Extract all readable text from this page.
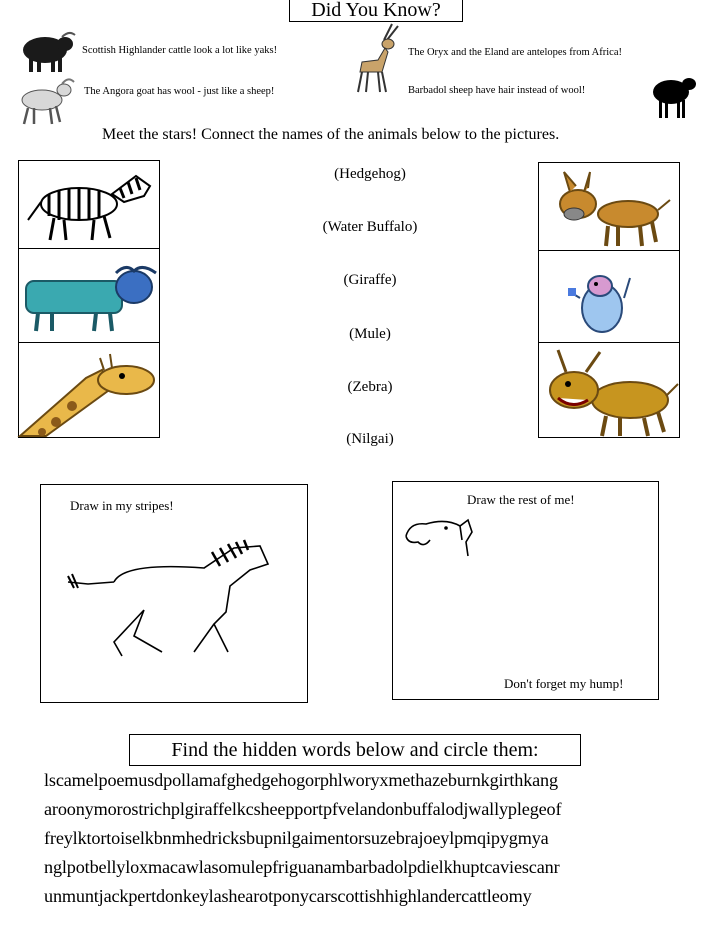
Did You Know?
Scottish Highlander cattle look a lot like yaks!	The Oryx and the Eland are antelopes from Africa!
The Angora goat has wool - just like a sheep!	Barbadol sheep have hair instead of wool!
Meet the stars! Connect the names of the animals below to the pictures.
(Hedgehog)
(Water Buffalo)
(Giraffe)
(Mule)
(Zebra)
(Nilgai)
Draw in my stripes!	Draw the rest of me!
Don't forget my hump!
Find the hidden words below and circle them:
lscamelpoemusdpollamafghedgehogorphlworyxmethazeburnkgirthkang
aroonymorostrichplgiraffelkcsheepportpfvelandonbuffalodjwallyplegeof
freylktortoiselkbnmhedricksbupnilgaimentorsuzebrajoeylpmqipygmya
nglpotbellyloxmacawlasomulepfriguanambarbadolpdielkhuptcaviescanr
unmuntjackpertdonkeylashearotponycarscottishhighlandercattleomy
